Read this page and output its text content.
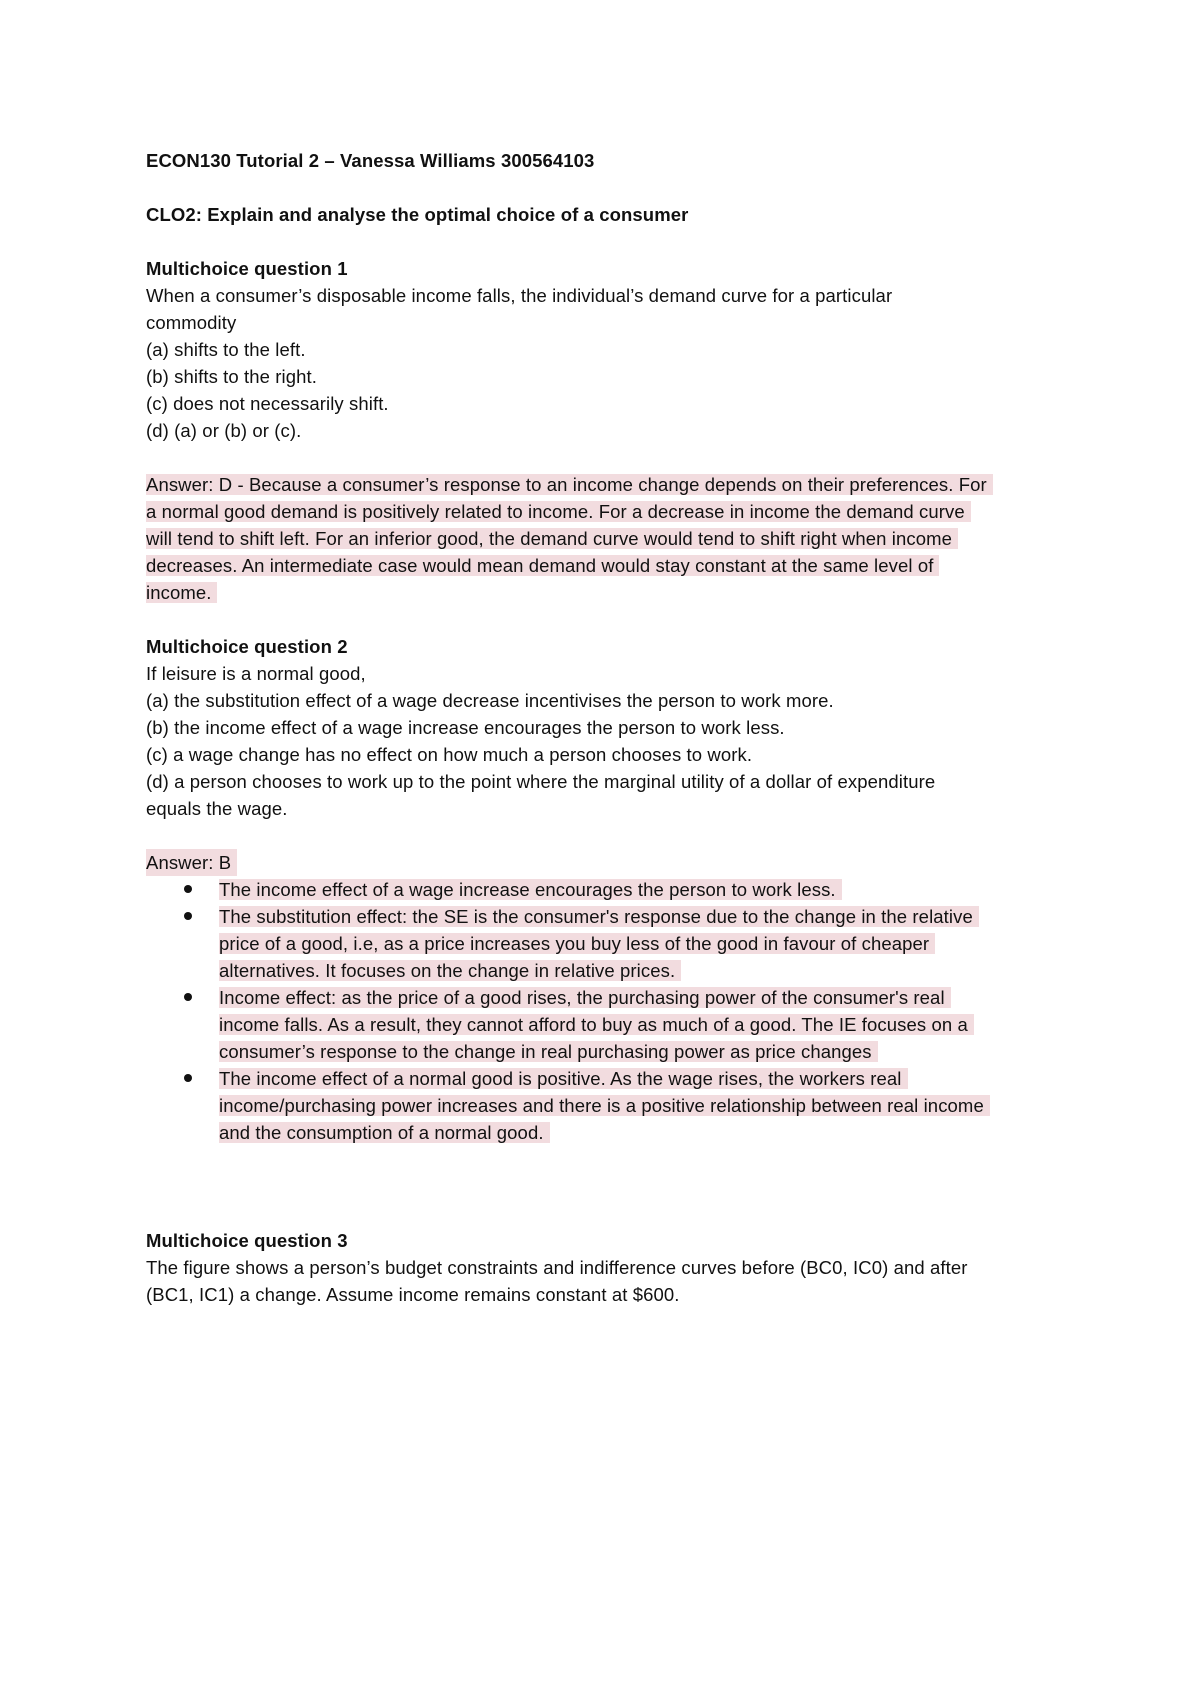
ECON130 Tutorial 2 – Vanessa Williams 300564103

CLO2: Explain and analyse the optimal choice of a consumer

Multichoice question 1

When a consumer’s disposable income falls, the individual’s demand curve for a particular

commodity

(a) shifts to the left.

(b) shifts to the right.

(c) does not necessarily shift.

(d) (a) or (b) or (c).

Answer: D - Because a consumer’s response to an income change depends on their preferences. For

a normal good demand is positively related to income. For a decrease in income the demand curve

will tend to shift left. For an inferior good, the demand curve would tend to shift right when income

decreases. An intermediate case would mean demand would stay constant at the same level of

income.

Multichoice question 2

If leisure is a normal good,

(a) the substitution effect of a wage decrease incentivises the person to work more.

(b) the income effect of a wage increase encourages the person to work less.

(c) a wage change has no effect on how much a person chooses to work.

(d) a person chooses to work up to the point where the marginal utility of a dollar of expenditure

equals the wage.

Answer: B

The income effect of a wage increase encourages the person to work less.
The substitution effect: the SE is the consumer's response due to the change in the relative
price of a good, i.e, as a price increases you buy less of the good in favour of cheaper
alternatives. It focuses on the change in relative prices.
Income effect: as the price of a good rises, the purchasing power of the consumer's real
income falls. As a result, they cannot afford to buy as much of a good. The IE focuses on a
consumer’s response to the change in real purchasing power as price changes
The income effect of a normal good is positive. As the wage rises, the workers real
income/purchasing power increases and there is a positive relationship between real income
and the consumption of a normal good.

Multichoice question 3

The figure shows a person’s budget constraints and indifference curves before (BC0, IC0) and after

(BC1, IC1) a change. Assume income remains constant at $600.
